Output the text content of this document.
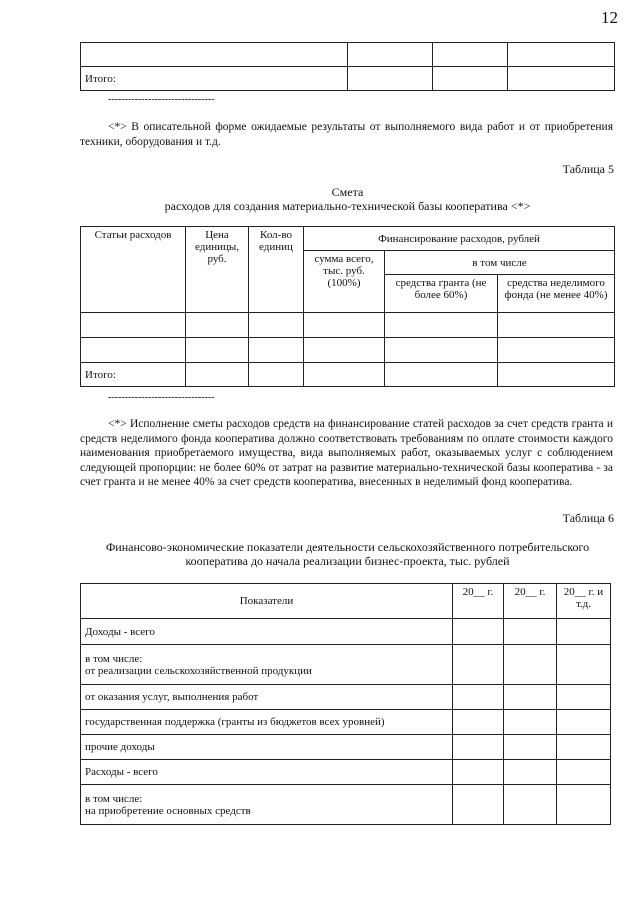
12

Итого:			
--------------------------------
<*> В описательной форме ожидаемые результаты от выполняемого вида работ и от приобретения техники, оборудования и т.д.
Таблица 5
Смета
расходов для создания материально-технической базы кооператива <*>
Статьи расходов	Цена единицы, руб.	Кол-во единиц	Финансирование расходов, рублей		
			сумма всего, тыс. руб. (100%)	в том числе	
				средства гранта (не более 60%)	средства неделимого фонда (не менее 40%)

Итого:					
--------------------------------
<*> Исполнение сметы расходов средств на финансирование статей расходов за счет средств гранта и средств неделимого фонда кооператива должно соответствовать требованиям по оплате стоимости каждого наименования приобретаемого имущества, вида выполняемых работ, оказываемых услуг с соблюдением следующей пропорции: не более 60% от затрат на развитие материально-технической базы кооператива - за счет гранта и не менее 40% за счет средств кооператива, внесенных в неделимый фонд кооператива.
Таблица 6
Финансово-экономические показатели деятельности сельскохозяйственного потребительского
кооператива до начала реализации бизнес-проекта, тыс. рублей
Показатели	20__ г.	20__ г.	20__ г. и т.д.
Доходы - всего			
в том числе:
от реализации сельскохозяйственной продукции			
от оказания услуг, выполнения работ			
государственная поддержка (гранты из бюджетов всех уровней)			
прочие доходы			
Расходы - всего			
в том числе:
на приобретение основных средств			
